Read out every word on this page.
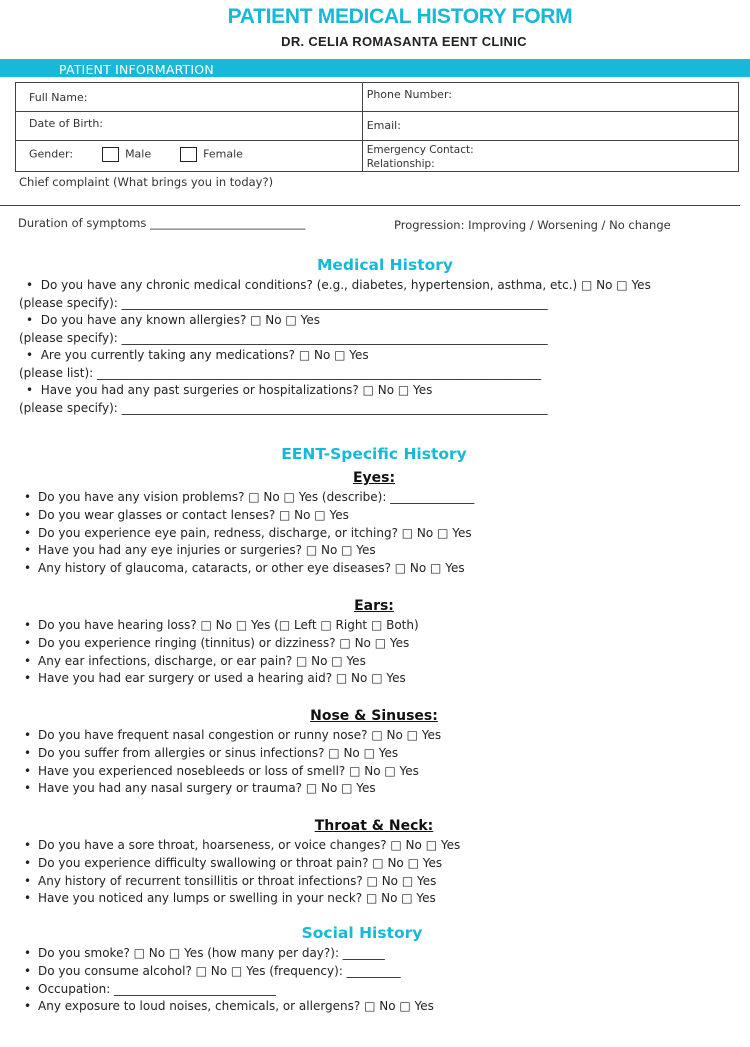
PATIENT MEDICAL HISTORY FORM
DR. CELIA ROMASANTA EENT CLINIC
PATIENT INFORMARTION
Full Name:	Phone Number:

Date of Birth:	Email:

Gender: Male Female	Emergency Contact:
Relationship:
Chief complaint (What brings you in today?)
Duration of symptoms ___________________________	Progression: Improving / Worsening / No change
Medical History
•  Do you have any chronic medical conditions? (e.g., diabetes, hypertension, asthma, etc.) □ No □ Yes
(please specify): _______________________________________________________________________
•  Do you have any known allergies? □ No □ Yes
(please specify): _______________________________________________________________________
•  Are you currently taking any medications? □ No □ Yes
(please list): __________________________________________________________________________
•  Have you had any past surgeries or hospitalizations? □ No □ Yes
(please specify): _______________________________________________________________________
EENT-Specific History
Eyes:
• Do you have any vision problems? □ No □ Yes (describe): ______________
• Do you wear glasses or contact lenses? □ No □ Yes
• Do you experience eye pain, redness, discharge, or itching? □ No □ Yes
• Have you had any eye injuries or surgeries? □ No □ Yes
• Any history of glaucoma, cataracts, or other eye diseases? □ No □ Yes
Ears:
• Do you have hearing loss? □ No □ Yes (□ Left □ Right □ Both)
• Do you experience ringing (tinnitus) or dizziness? □ No □ Yes
• Any ear infections, discharge, or ear pain? □ No □ Yes
• Have you had ear surgery or used a hearing aid? □ No □ Yes
Nose & Sinuses:
• Do you have frequent nasal congestion or runny nose? □ No □ Yes
• Do you suffer from allergies or sinus infections? □ No □ Yes
• Have you experienced nosebleeds or loss of smell? □ No □ Yes
• Have you had any nasal surgery or trauma? □ No □ Yes
Throat & Neck:
• Do you have a sore throat, hoarseness, or voice changes? □ No □ Yes
• Do you experience difficulty swallowing or throat pain? □ No □ Yes
• Any history of recurrent tonsillitis or throat infections? □ No □ Yes
• Have you noticed any lumps or swelling in your neck? □ No □ Yes
Social History
• Do you smoke? □ No □ Yes (how many per day?): _______
• Do you consume alcohol? □ No □ Yes (frequency): _________
• Occupation: ___________________________
• Any exposure to loud noises, chemicals, or allergens? □ No □ Yes
